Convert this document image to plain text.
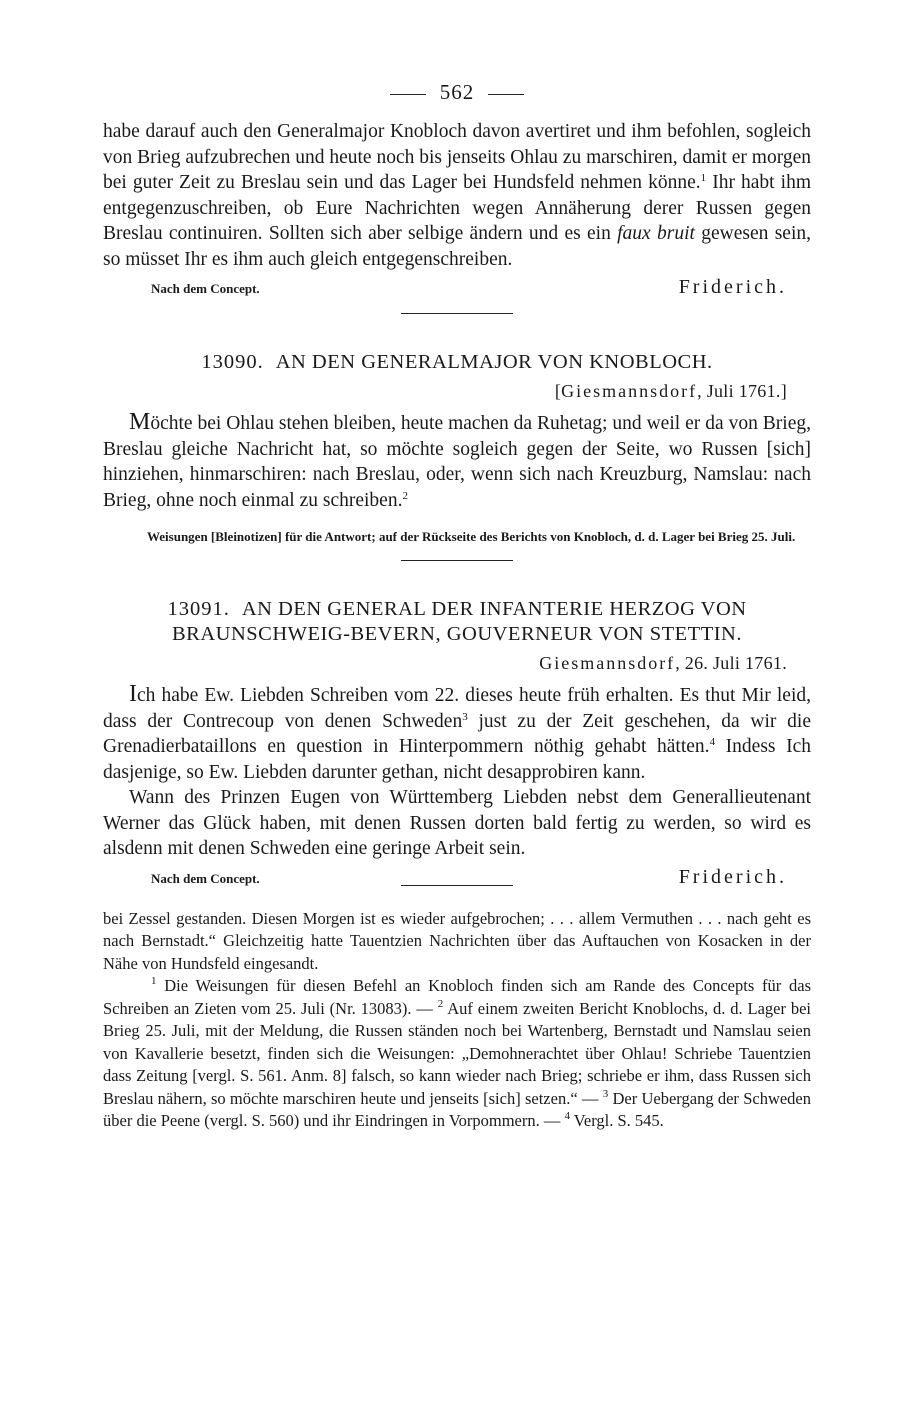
562

habe darauf auch den Generalmajor Knobloch davon avertiret und ihm befohlen, sogleich von Brieg aufzubrechen und heute noch bis jenseits Ohlau zu marschiren, damit er morgen bei guter Zeit zu Breslau sein und das Lager bei Hundsfeld nehmen könne.$^1$ Ihr habt ihm entgegenzuschreiben, ob Eure Nachrichten wegen Annäherung derer Russen gegen Breslau continuiren. Sollten sich aber selbige ändern und es ein faux bruit gewesen sein, so müsset Ihr es ihm auch gleich entgegenschreiben.

Nach dem Concept.	Friderich.
13090. AN DEN GENERALMAJOR VON KNOBLOCH.
[Giesmannsdorf, Juli 1761.]

Möchte bei Ohlau stehen bleiben, heute machen da Ruhetag; und weil er da von Brieg, Breslau gleiche Nachricht hat, so möchte sogleich gegen der Seite, wo Russen [sich] hinziehen, hinmarschiren: nach Breslau, oder, wenn sich nach Kreuzburg, Namslau: nach Brieg, ohne noch einmal zu schreiben.$^2$

Weisungen [Bleinotizen] für die Antwort; auf der Rückseite des Berichts von Knobloch, d. d. Lager bei Brieg 25. Juli.

13091. AN DEN GENERAL DER INFANTERIE HERZOG VON BRAUNSCHWEIG-BEVERN, GOUVERNEUR VON STETTIN.
Giesmannsdorf, 26. Juli 1761.

Ich habe Ew. Liebden Schreiben vom 22. dieses heute früh erhalten. Es thut Mir leid, dass der Contrecoup von denen Schweden$^3$ just zu der Zeit geschehen, da wir die Grenadierbataillons en question in Hinterpommern nöthig gehabt hätten.$^4$ Indess Ich dasjenige, so Ew. Liebden darunter gethan, nicht desapprobiren kann.

Wann des Prinzen Eugen von Württemberg Liebden nebst dem Generallieutenant Werner das Glück haben, mit denen Russen dorten bald fertig zu werden, so wird es alsdenn mit denen Schweden eine geringe Arbeit sein.

Nach dem Concept.	Friderich.

bei Zessel gestanden. Diesen Morgen ist es wieder aufgebrochen; . . . allem Vermuthen . . . nach geht es nach Bernstadt.“ Gleichzeitig hatte Tauentzien Nachrichten über das Auftauchen von Kosacken in der Nähe von Hundsfeld eingesandt.

$^1$ Die Weisungen für diesen Befehl an Knobloch finden sich am Rande des Concepts für das Schreiben an Zieten vom 25. Juli (Nr. 13083). — $^2$ Auf einem zweiten Bericht Knoblochs, d. d. Lager bei Brieg 25. Juli, mit der Meldung, die Russen ständen noch bei Wartenberg, Bernstadt und Namslau seien von Kavallerie besetzt, finden sich die Weisungen: „Demohnerachtet über Ohlau! Schriebe Tauentzien dass Zeitung [vergl. S. 561. Anm. 8] falsch, so kann wieder nach Brieg; schriebe er ihm, dass Russen sich Breslau nähern, so möchte marschiren heute und jenseits [sich] setzen.“ — $^3$ Der Uebergang der Schweden über die Peene (vergl. S. 560) und ihr Eindringen in Vorpommern. — $^4$ Vergl. S. 545.
